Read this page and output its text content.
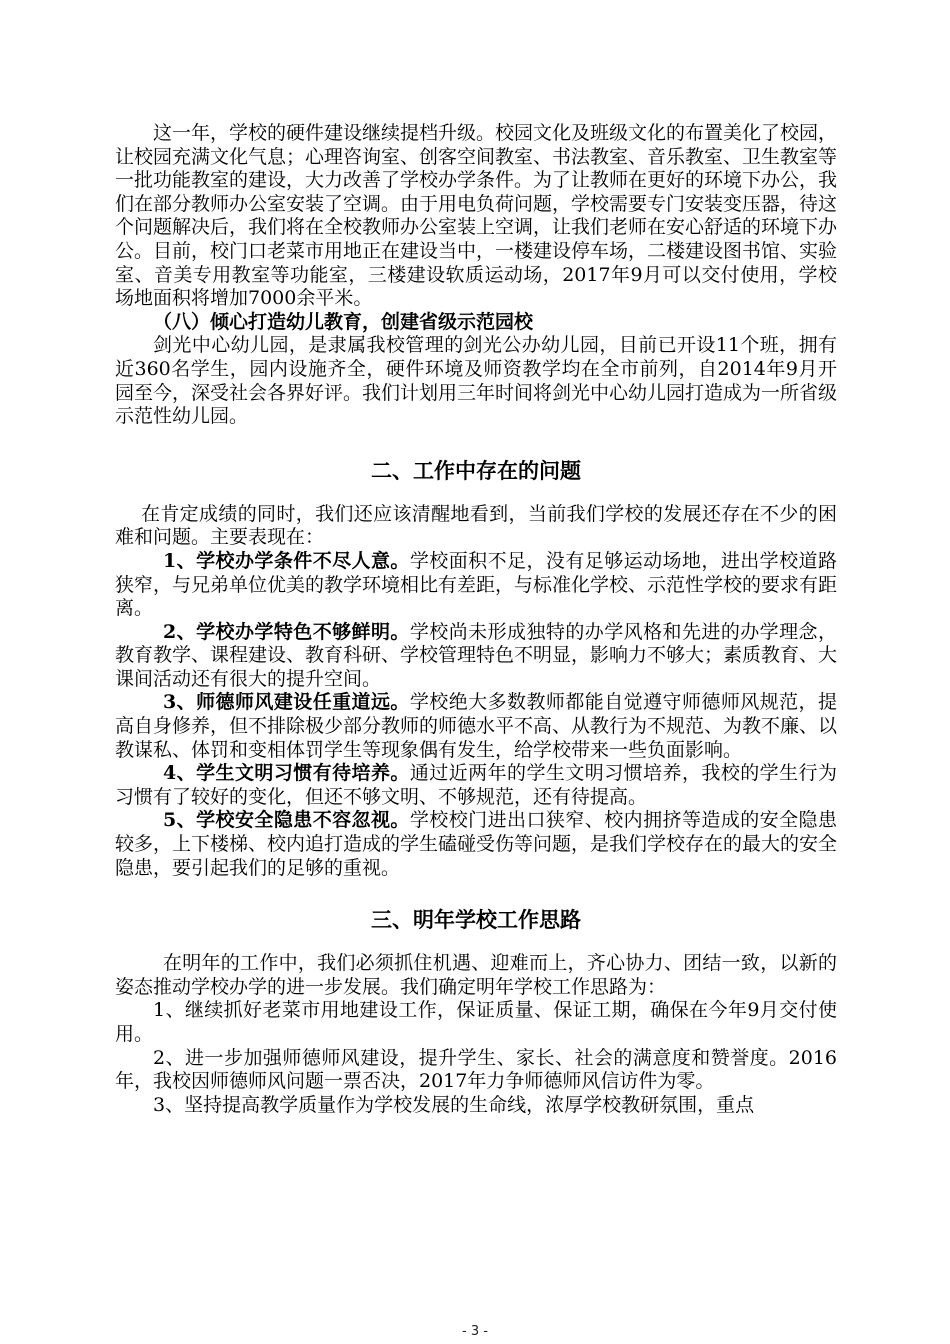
这一年，学校的硬件建设继续提档升级。校园文化及班级文化的布置美化了校园，让校园充满文化气息；心理咨询室、创客空间教室、书法教室、音乐教室、卫生教室等一批功能教室的建设，大力改善了学校办学条件。为了让教师在更好的环境下办公，我们在部分教师办公室安装了空调。由于用电负荷问题，学校需要专门安装变压器，待这个问题解决后，我们将在全校教师办公室装上空调，让我们老师在安心舒适的环境下办公。目前，校门口老菜市用地正在建设当中，一楼建设停车场，二楼建设图书馆、实验室、音美专用教室等功能室，三楼建设软质运动场，2017年9月可以交付使用，学校场地面积将增加7000余平米。

（八）倾心打造幼儿教育，创建省级示范园校

剑光中心幼儿园，是隶属我校管理的剑光公办幼儿园，目前已开设11个班，拥有近360名学生，园内设施齐全，硬件环境及师资教学均在全市前列，自2014年9月开园至今，深受社会各界好评。我们计划用三年时间将剑光中心幼儿园打造成为一所省级示范性幼儿园。

二、工作中存在的问题

在肯定成绩的同时，我们还应该清醒地看到，当前我们学校的发展还存在不少的困难和问题。主要表现在：

1、学校办学条件不尽人意。学校面积不足，没有足够运动场地，进出学校道路狭窄，与兄弟单位优美的教学环境相比有差距，与标准化学校、示范性学校的要求有距离。

2、学校办学特色不够鲜明。学校尚未形成独特的办学风格和先进的办学理念，教育教学、课程建设、教育科研、学校管理特色不明显，影响力不够大；素质教育、大课间活动还有很大的提升空间。

3、师德师风建设任重道远。学校绝大多数教师都能自觉遵守师德师风规范，提高自身修养，但不排除极少部分教师的师德水平不高、从教行为不规范、为教不廉、以教谋私、体罚和变相体罚学生等现象偶有发生，给学校带来一些负面影响。

4、学生文明习惯有待培养。通过近两年的学生文明习惯培养，我校的学生行为习惯有了较好的变化，但还不够文明、不够规范，还有待提高。

5、学校安全隐患不容忽视。学校校门进出口狭窄、校内拥挤等造成的安全隐患较多，上下楼梯、校内追打造成的学生磕碰受伤等问题，是我们学校存在的最大的安全隐患，要引起我们的足够的重视。

三、明年学校工作思路

在明年的工作中，我们必须抓住机遇、迎难而上，齐心协力、团结一致，以新的姿态推动学校办学的进一步发展。我们确定明年学校工作思路为：

1、继续抓好老菜市用地建设工作，保证质量、保证工期，确保在今年9月交付使用。

2、进一步加强师德师风建设，提升学生、家长、社会的满意度和赞誉度。2016年，我校因师德师风问题一票否决，2017年力争师德师风信访件为零。

3、坚持提高教学质量作为学校发展的生命线，浓厚学校教研氛围，重点

- 3 -
